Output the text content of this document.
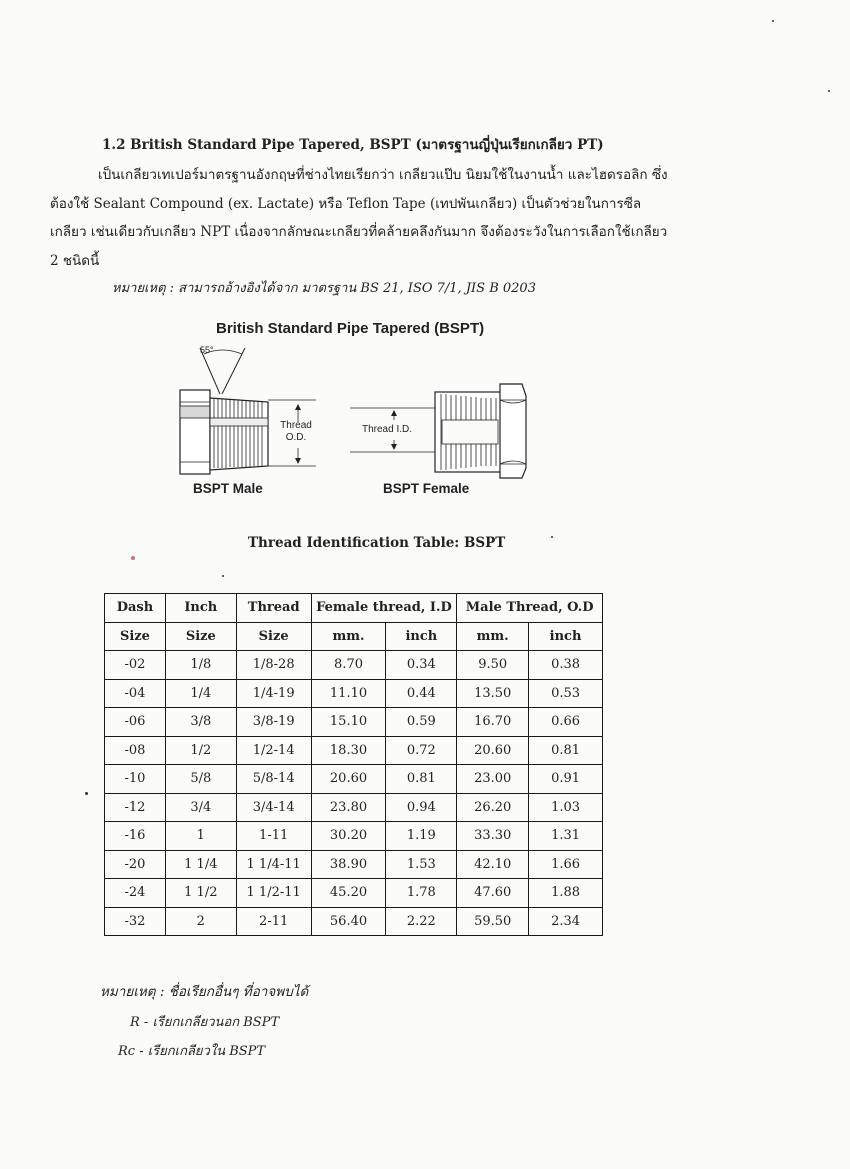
1.2 British Standard Pipe Tapered, BSPT (มาตรฐานญี่ปุ่นเรียกเกลียว PT)
เป็นเกลียวเทเปอร์มาตรฐานอังกฤษที่ช่างไทยเรียกว่า เกลียวแป๊บ นิยมใช้ในงานน้ำ และไฮดรอลิก ซึ่งต้องใช้ Sealant Compound (ex. Lactate) หรือ Teflon Tape (เทปพันเกลียว) เป็นตัวช่วยในการซีลเกลียว เช่นเดียวกับเกลียว NPT เนื่องจากลักษณะเกลียวที่คล้ายคลึงกันมาก จึงต้องระวังในการเลือกใช้เกลียว 2 ชนิดนี้
หมายเหตุ : สามารถอ้างอิงได้จาก มาตรฐาน BS 21, ISO 7/1, JIS B 0203
British Standard Pipe Tapered (BSPT)
55°
Thread
O.D.
Thread I.D.
BSPT Male	BSPT Female
Thread Identification Table: BSPT
Dash	Inch	Thread	Female thread, I.D		Male Thread, O.D	
Size	Size	Size	mm.	inch	mm.	inch
-02	1/8	1/8-28	8.70	0.34	9.50	0.38
-04	1/4	1/4-19	11.10	0.44	13.50	0.53
-06	3/8	3/8-19	15.10	0.59	16.70	0.66
-08	1/2	1/2-14	18.30	0.72	20.60	0.81
-10	5/8	5/8-14	20.60	0.81	23.00	0.91
-12	3/4	3/4-14	23.80	0.94	26.20	1.03
-16	1	1-11	30.20	1.19	33.30	1.31
-20	1 1/4	1 1/4-11	38.90	1.53	42.10	1.66
-24	1 1/2	1 1/2-11	45.20	1.78	47.60	1.88
-32	2	2-11	56.40	2.22	59.50	2.34
หมายเหตุ : ชื่อเรียกอื่นๆ ที่อาจพบได้
R - เรียกเกลียวนอก BSPT
Rc - เรียกเกลียวใน BSPT
